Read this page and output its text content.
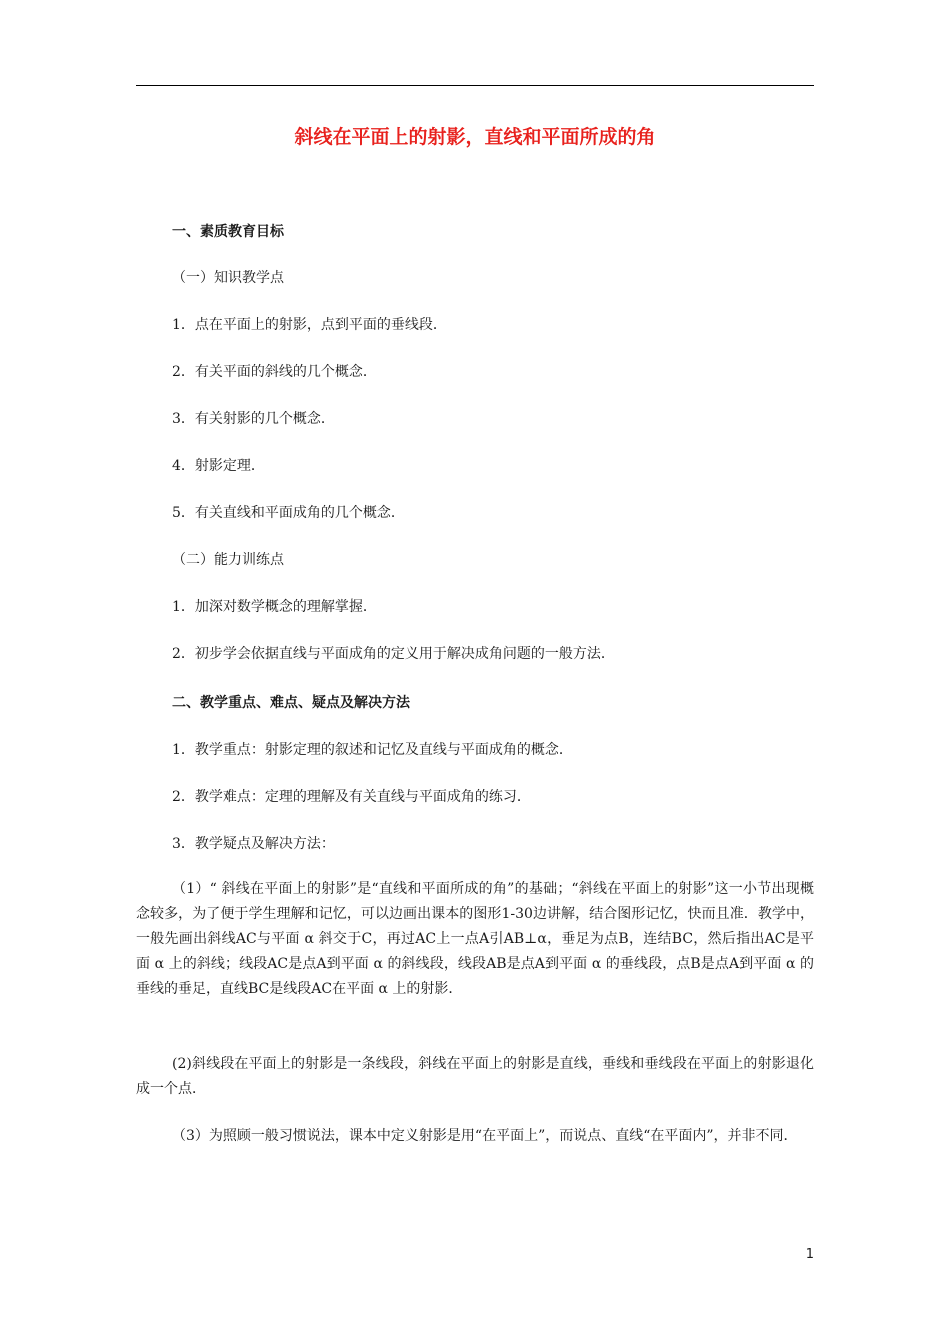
斜线在平面上的射影，直线和平面所成的角
一、素质教育目标
（一）知识教学点
1．点在平面上的射影，点到平面的垂线段．
2．有关平面的斜线的几个概念．
3．有关射影的几个概念．
4．射影定理．
5．有关直线和平面成角的几个概念．
（二）能力训练点
1．加深对数学概念的理解掌握．
2．初步学会依据直线与平面成角的定义用于解决成角问题的一般方法．
二、教学重点、难点、疑点及解决方法
1．教学重点：射影定理的叙述和记忆及直线与平面成角的概念．
2．教学难点：定理的理解及有关直线与平面成角的练习．
3．教学疑点及解决方法：

（1）“ 斜线在平面上的射影”是“直线和平面所成的角”的基础；“斜线在平面上的射影”这一小节出现概念较多，为了便于学生理解和记忆，可以边画出课本的图形1-30边讲解，结合图形记忆，快而且准．教学中，一般先画出斜线AC与平面 α 斜交于C，再过AC上一点A引AB⊥α，垂足为点B，连结BC，然后指出AC是平面 α 上的斜线；线段AC是点A到平面 α 的斜线段，线段AB是点A到平面 α 的垂线段，点B是点A到平面 α 的垂线的垂足，直线BC是线段AC在平面 α 上的射影．

(2)斜线段在平面上的射影是一条线段，斜线在平面上的射影是直线，垂线和垂线段在平面上的射影退化成一个点．

（3）为照顾一般习惯说法，课本中定义射影是用“在平面上”，而说点、直线“在平面内”，并非不同．

1
